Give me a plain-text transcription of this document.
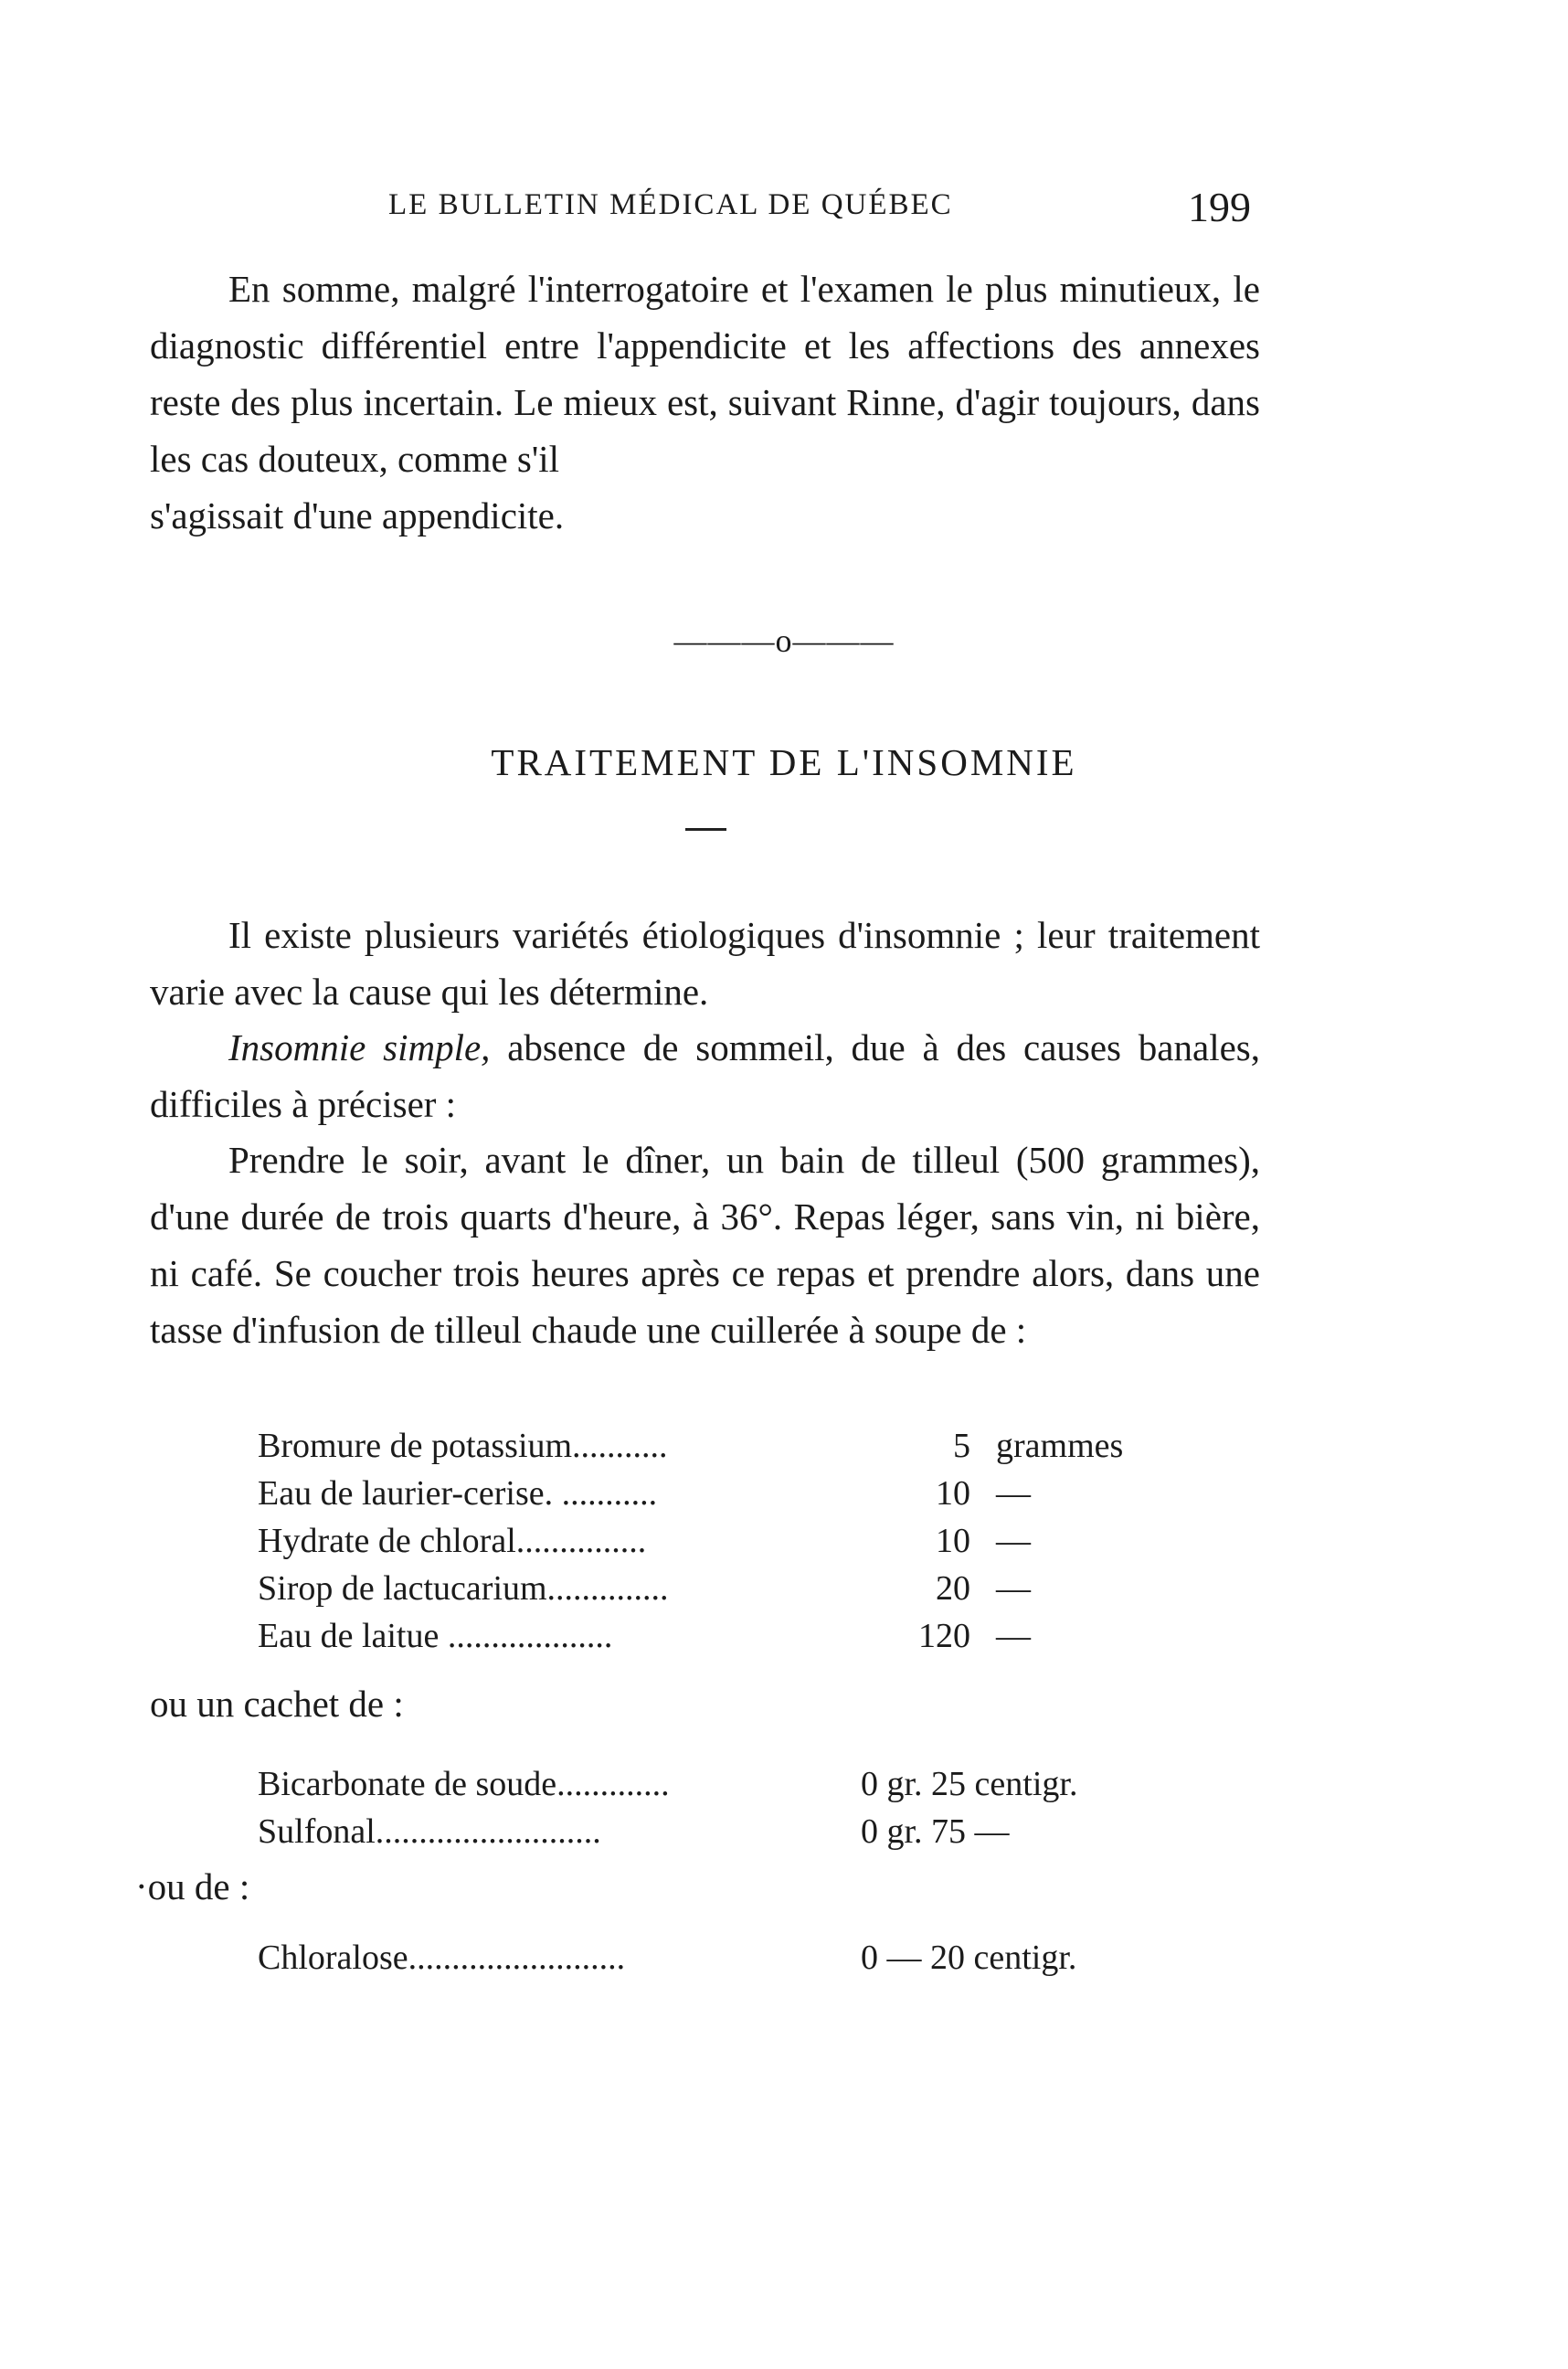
LE BULLETIN MÉDICAL DE QUÉBEC	199

En somme, malgré l'interrogatoire et l'examen le plus minutieux, le diagnostic différentiel entre l'appendicite et les affections des annexes reste des plus incertain. Le mieux est, suivant Rinne, d'agir toujours, dans les cas douteux, comme s'il

s'agissait d'une appendicite.

———o———
TRAITEMENT DE L'INSOMNIE

Il existe plusieurs variétés étiologiques d'insomnie ; leur traitement varie avec la cause qui les détermine.

Insomnie simple, absence de sommeil, due à des causes banales, difficiles à préciser :

Prendre le soir, avant le dîner, un bain de tilleul (500 grammes), d'une durée de trois quarts d'heure, à 36°. Repas léger, sans vin, ni bière, ni café. Se coucher trois heures après ce repas et prendre alors, dans une tasse d'infusion de tilleul chaude une cuillerée à soupe de :

Bromure de potassium...........	5 grammes
Eau de laurier-cerise. ...........	10 —
Hydrate de chloral...............	10 —
Sirop de lactucarium..............	20 —
Eau de laitue ...................	120 —
ou un cachet de :
Bicarbonate de soude.............	0 gr. 25 centigr.
Sulfonal..........................	0 gr. 75 —
·ou de :
Chloralose.........................	0 — 20 centigr.
